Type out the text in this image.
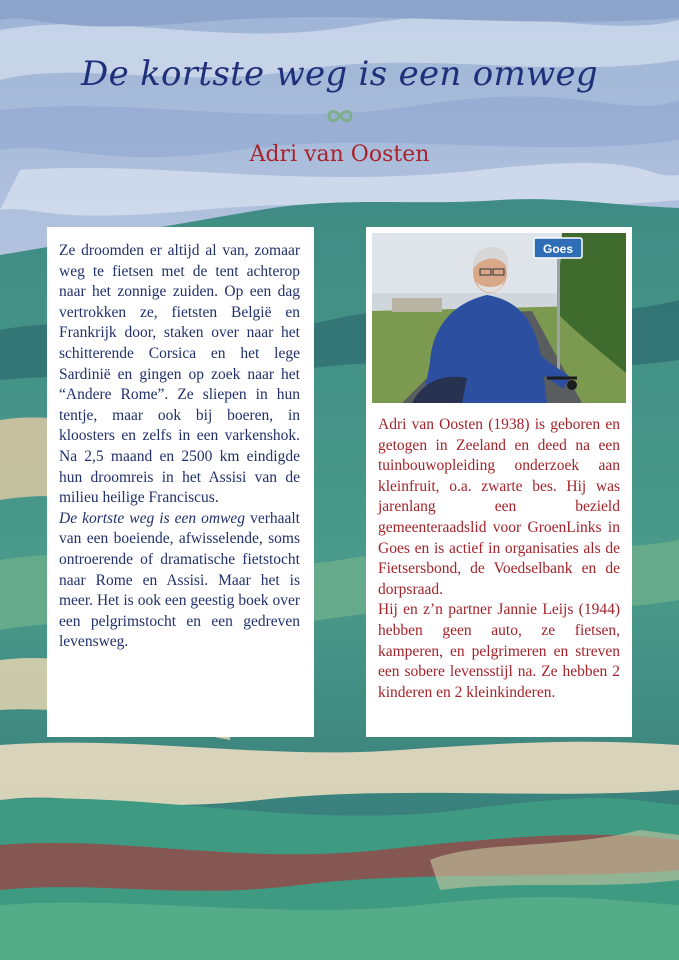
De kortste weg is een omweg
Adri van Oosten

Ze droomden er altijd al van, zomaar weg te fietsen met de tent achterop naar het zonnige zuiden. Op een dag vertrokken ze, fietsten België en Frankrijk door, staken over naar het schitterende Corsica en het lege Sardinië en gingen op zoek naar het “Andere Rome”. Ze sliepen in hun tentje, maar ook bij boeren, in kloosters en zelfs in een varkenshok. Na 2,5 maand en 2500 km eindigde hun droomreis in het Assisi van de milieu heilige Franciscus.
De kortste weg is een omweg verhaalt van een boeiende, afwisselende, soms ontroerende of dramatische fietstocht naar Rome en Assisi. Maar het is meer. Het is ook een geestig boek over een pelgrimstocht en een gedreven levensweg.

Goes

Adri van Oosten (1938) is geboren en getogen in Zeeland en deed na een tuinbouwopleiding onderzoek aan kleinfruit, o.a. zwarte bes. Hij was jarenlang een bezield gemeenteraadslid voor GroenLinks in Goes en is actief in organisaties als de Fietsersbond, de Voedselbank en de dorpsraad.

Hij en z’n partner Jannie Leijs (1944) hebben geen auto, ze fietsen, kamperen, en pelgrimeren en streven een sobere levensstijl na. Ze hebben 2 kinderen en 2 kleinkinderen.
